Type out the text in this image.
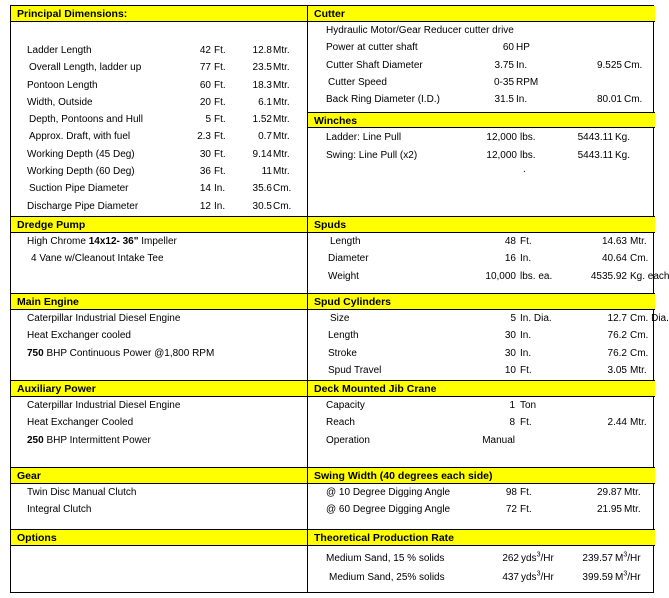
Principal Dimensions:
Ladder Length	42 Ft.	12.8 Mtr.
Overall Length, ladder up	77 Ft.	23.5 Mtr.
Pontoon Length	60 Ft.	18.3 Mtr.
Width, Outside	20 Ft.	6.1 Mtr.
Depth, Pontoons and Hull	5 Ft.	1.52 Mtr.
Approx. Draft, with fuel	2.3 Ft.	0.7 Mtr.
Working Depth (45 Deg)	30 Ft.	9.14 Mtr.
Working Depth (60 Deg)	36 Ft.	11 Mtr.
Suction Pipe Diameter	14 In.	35.6 Cm.
Discharge Pipe Diameter	12 In.	30.5 Cm.
Cutter
Hydraulic Motor/Gear Reducer cutter drive
Power at cutter shaft	60 HP
Cutter Shaft Diameter	3.75 In.	9.525 Cm.
Cutter Speed	0-35 RPM
Back Ring Diameter (I.D.)	31.5 In.	80.01 Cm.
Winches
Ladder: Line Pull	12,000 lbs.	5443.11 Kg.
Swing: Line Pull (x2)	12,000 lbs.	5443.11 Kg.
.
Dredge Pump
High Chrome 14x12- 36" Impeller
4 Vane w/Cleanout Intake Tee
Spuds
Length	48 Ft.	14.63 Mtr.
Diameter	16 In.	40.64 Cm.
Weight	10,000 lbs. ea.	4535.92 Kg. each
Main Engine
Caterpillar Industrial Diesel Engine
Heat Exchanger cooled
750 BHP Continuous Power @1,800 RPM
Spud Cylinders
Size	5 In. Dia.	12.7 Cm. Dia.
Length	30 In.	76.2 Cm.
Stroke	30 In.	76.2 Cm.
Spud Travel	10 Ft.	3.05 Mtr.
Auxiliary Power
Caterpillar Industrial Diesel Engine
Heat Exchanger Cooled
250 BHP Intermittent Power
Deck Mounted Jib Crane
Capacity	1 Ton
Reach	8 Ft.	2.44 Mtr.
Operation	Manual
Gear
Twin Disc Manual Clutch
Integral Clutch
Swing Width (40 degrees each side)
@ 10 Degree Digging Angle	98 Ft.	29.87 Mtr.
@ 60 Degree Digging Angle	72 Ft.	21.95 Mtr.
Options	Theoretical Production Rate
Medium Sand, 15 % solids	262 yds$^3$/Hr	239.57 $M^3/Hr$
Medium Sand, 25% solids	437 yds$^3$/Hr	399.59 $M^3/Hr$
